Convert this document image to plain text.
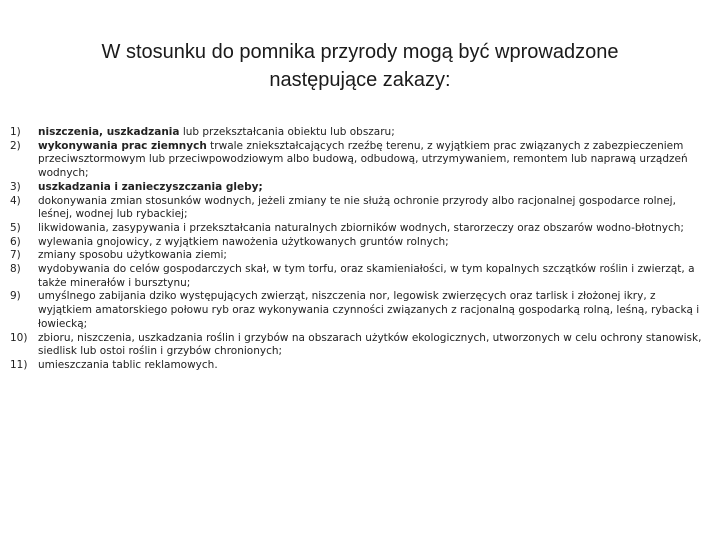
W stosunku do pomnika przyrody mogą być wprowadzone następujące zakazy:
1)	niszczenia, uszkadzania lub przekształcania obiektu lub obszaru;
2)	wykonywania prac ziemnych trwale zniekształcających rzeźbę terenu, z wyjątkiem prac związanych z zabezpieczeniem przeciwsztormowym lub przeciwpowodziowym albo budową, odbudową, utrzymywaniem, remontem lub naprawą urządzeń wodnych;
3)	uszkadzania i zanieczyszczania gleby;
4)	dokonywania zmian stosunków wodnych, jeżeli zmiany te nie służą ochronie przyrody albo racjonalnej gospodarce rolnej, leśnej, wodnej lub rybackiej;
5)	likwidowania, zasypywania i przekształcania naturalnych zbiorników wodnych, starorzeczy oraz obszarów wodno-błotnych;
6)	wylewania gnojowicy, z wyjątkiem nawożenia użytkowanych gruntów rolnych;
7)	zmiany sposobu użytkowania ziemi;
8)	wydobywania do celów gospodarczych skał, w tym torfu, oraz skamieniałości, w tym kopalnych szczątków roślin i zwierząt, a także minerałów i bursztynu;
9)	umyślnego zabijania dziko występujących zwierząt, niszczenia nor, legowisk zwierzęcych oraz tarlisk i złożonej ikry, z wyjątkiem amatorskiego połowu ryb oraz wykonywania czynności związanych z racjonalną gospodarką rolną, leśną, rybacką i łowiecką;
10)	zbioru, niszczenia, uszkadzania roślin i grzybów na obszarach użytków ekologicznych, utworzonych w celu ochrony stanowisk, siedlisk lub ostoi roślin i grzybów chronionych;
11)	umieszczania tablic reklamowych.
